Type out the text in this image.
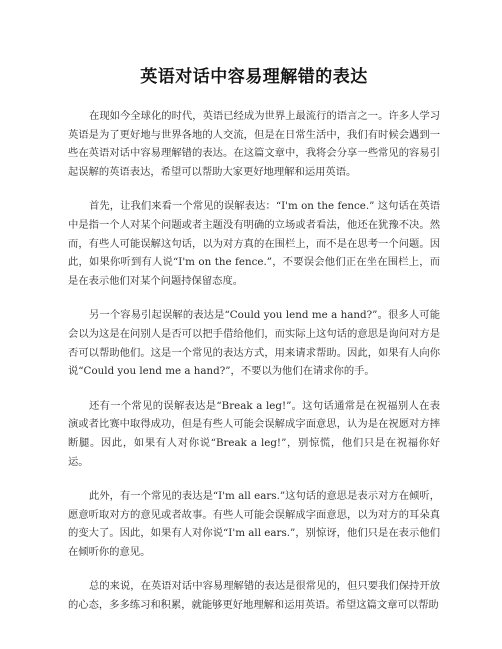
英语对话中容易理解错的表达

在现如今全球化的时代，英语已经成为世界上最流行的语言之一。许多人学习英语是为了更好地与世界各地的人交流，但是在日常生活中，我们有时候会遇到一些在英语对话中容易理解错的表达。在这篇文章中，我将会分享一些常见的容易引起误解的英语表达，希望可以帮助大家更好地理解和运用英语。

首先，让我们来看一个常见的误解表达：“I'm on the fence.” 这句话在英语中是指一个人对某个问题或者主题没有明确的立场或者看法，他还在犹豫不决。然而，有些人可能误解这句话，以为对方真的在围栏上，而不是在思考一个问题。因此，如果你听到有人说“I'm on the fence.”，不要误会他们正在坐在围栏上，而是在表示他们对某个问题持保留态度。

另一个容易引起误解的表达是“Could you lend me a hand?”。很多人可能会以为这是在问别人是否可以把手借给他们，而实际上这句话的意思是询问对方是否可以帮助他们。这是一个常见的表达方式，用来请求帮助。因此，如果有人向你说“Could you lend me a hand?”，不要以为他们在请求你的手。

还有一个常见的误解表达是“Break a leg!”。这句话通常是在祝福别人在表演或者比赛中取得成功，但是有些人可能会误解成字面意思，认为是在祝愿对方摔断腿。因此，如果有人对你说“Break a leg!”，别惊慌，他们只是在祝福你好运。

此外，有一个常见的表达是“I'm all ears.”这句话的意思是表示对方在倾听，愿意听取对方的意见或者故事。有些人可能会误解成字面意思，以为对方的耳朵真的变大了。因此，如果有人对你说“I'm all ears.”，别惊讶，他们只是在表示他们在倾听你的意见。

总的来说，在英语对话中容易理解错的表达是很常见的，但只要我们保持开放的心态，多多练习和积累，就能够更好地理解和运用英语。希望这篇文章可以帮助
